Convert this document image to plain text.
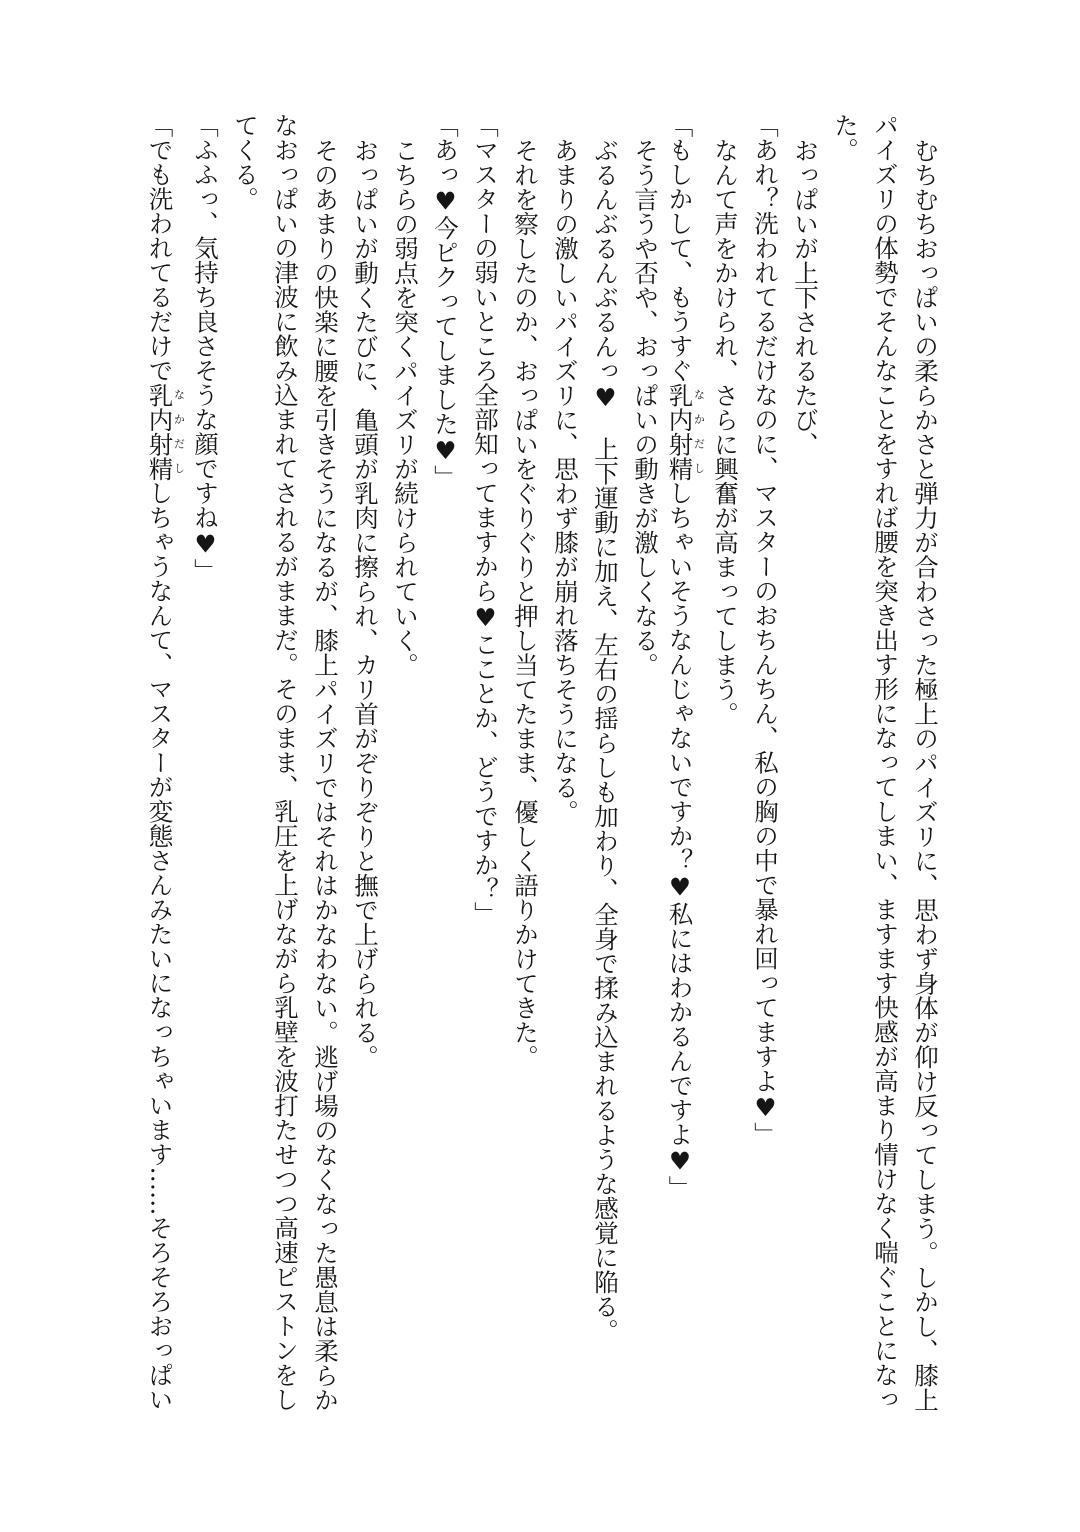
むちむちおっぱいの柔らかさと弾力が合わさった極上のパイズリに、思わず身体が仰け反ってしまう。しかし、膝上
パイズリの体勢でそんなことをすれば腰を突き出す形になってしまい、ますます快感が高まり情けなく喘ぐことになっ
た。
おっぱいが上下されるたび、
「あれ？洗われてるだけなのに、マスターのおちんちん、私の胸の中で暴れ回ってますよ♥」
なんて声をかけられ、さらに興奮が高まってしまう。
「もしかして、もうすぐ乳内射精なかだししちゃいそうなんじゃないですか？♥私にはわかるんですよ♥」
そう言うや否や、おっぱいの動きが激しくなる。
ぶるんぶるんぶるんっ♥　上下運動に加え、左右の揺らしも加わり、全身で揉み込まれるような感覚に陥る。
あまりの激しいパイズリに、思わず膝が崩れ落ちそうになる。
それを察したのか、おっぱいをぐりぐりと押し当てたまま、優しく語りかけてきた。
「マスターの弱いところ全部知ってますから♥こことか、どうですか？」
「あっ♥今ピクってしました♥」
こちらの弱点を突くパイズリが続けられていく。
おっぱいが動くたびに、亀頭が乳肉に擦られ、カリ首がぞりぞりと撫で上げられる。
そのあまりの快楽に腰を引きそうになるが、膝上パイズリではそれはかなわない。逃げ場のなくなった愚息は柔らか
なおっぱいの津波に飲み込まれてされるがままだ。そのまま、乳圧を上げながら乳壁を波打たせつつ高速ピストンをし
てくる。
「ふふっ、気持ち良さそうな顔ですね♥」
「でも洗われてるだけで乳内射精なかだししちゃうなんて、マスターが変態さんみたいになっちゃいます……そろそろおっぱい
